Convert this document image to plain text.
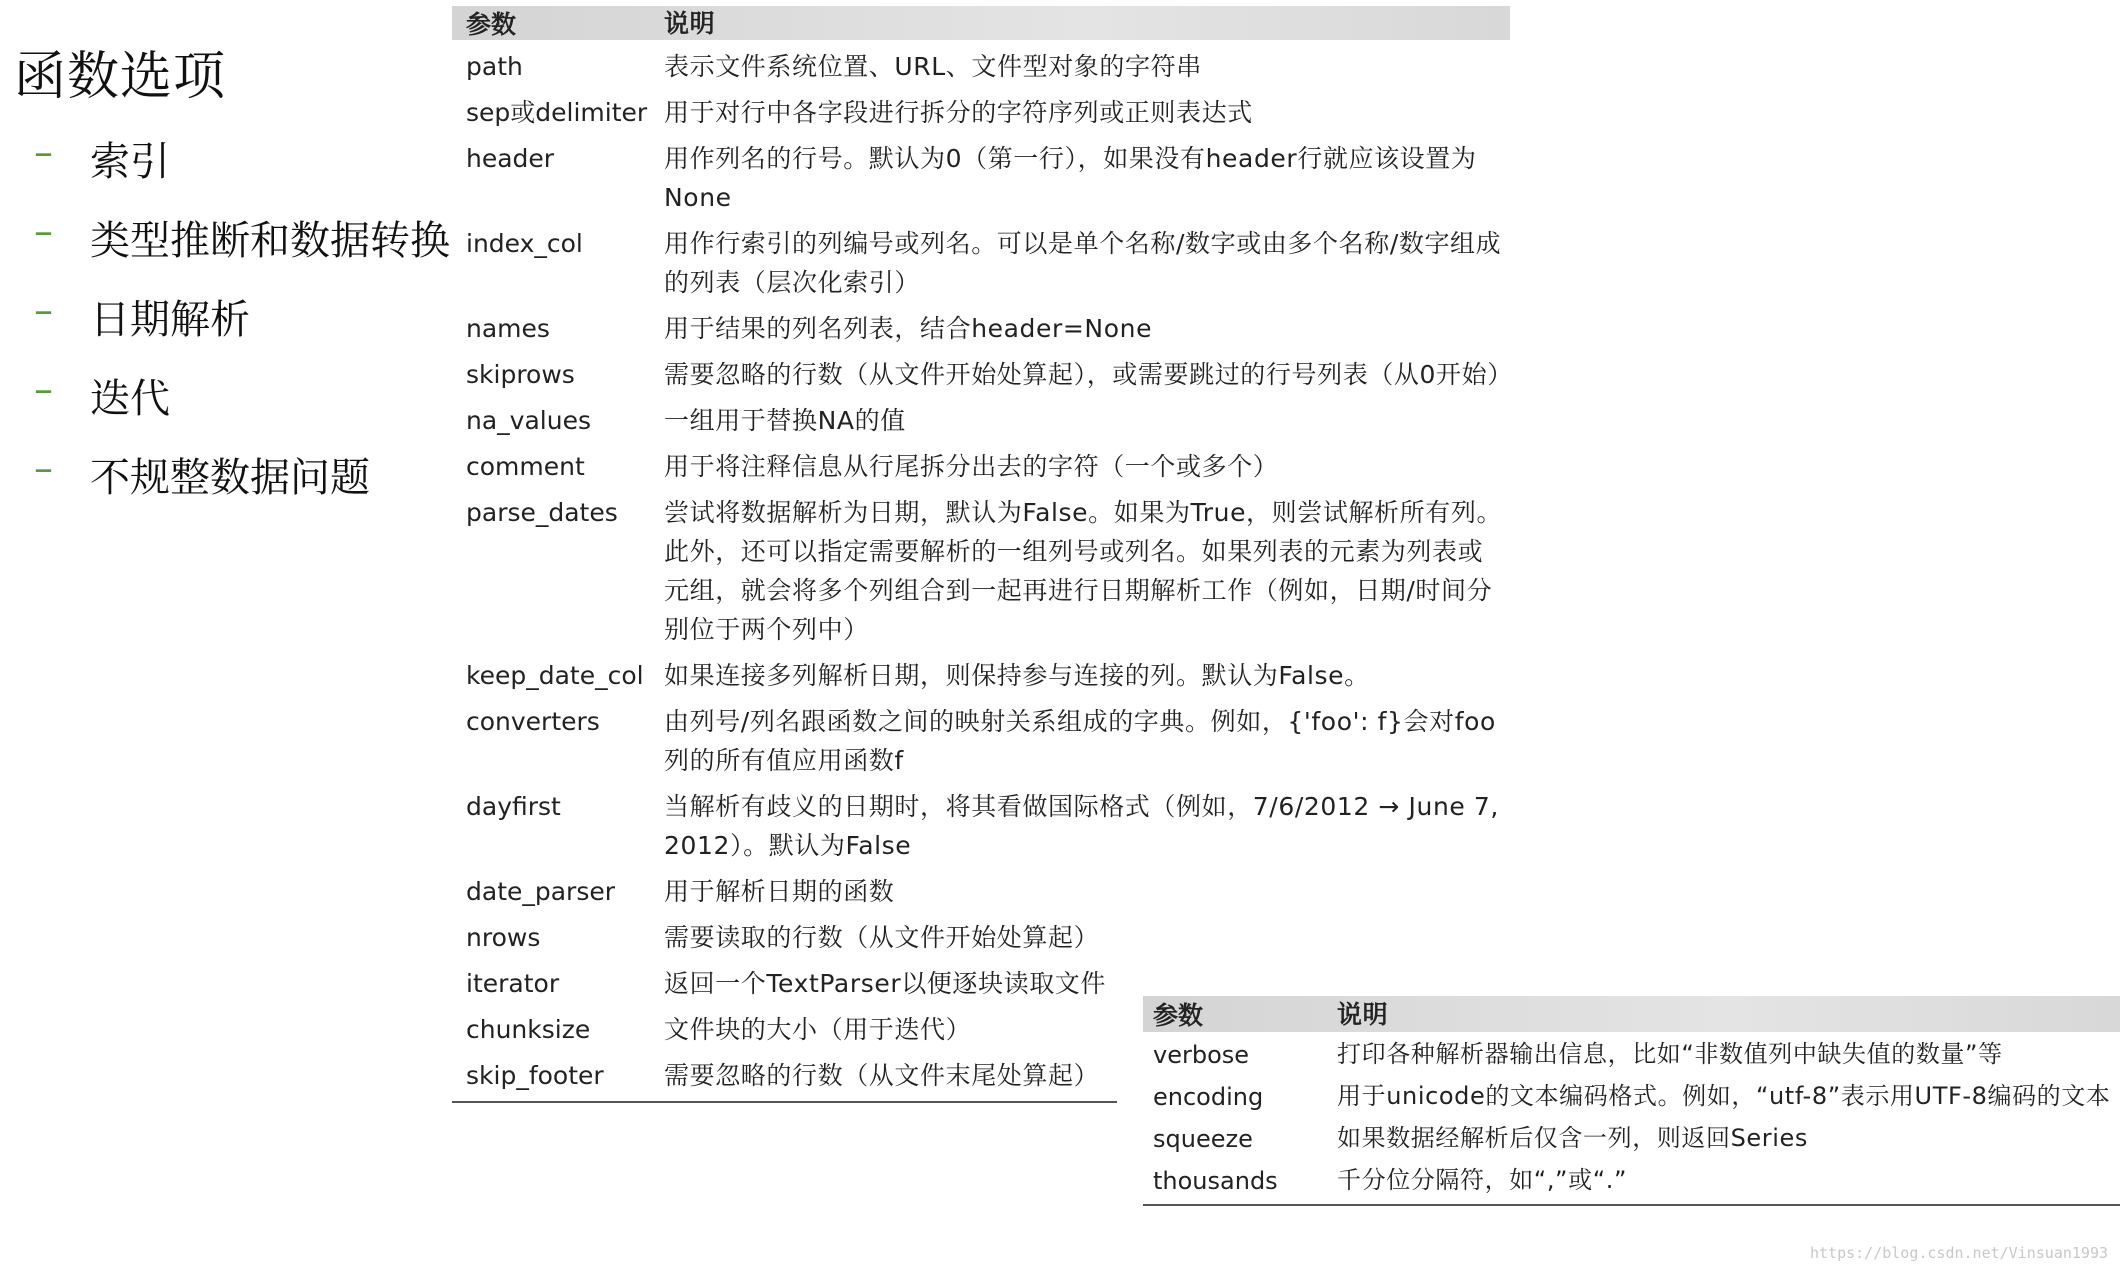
函数选项
– 索引
– 类型推断和数据转换
– 日期解析
– 迭代
– 不规整数据问题
参数	说明
path	表示文件系统位置、URL、文件型对象的字符串
sep或delimiter 用于对行中各字段进行拆分的字符序列或正则表达式
header	用作列名的行号。默认为0（第一行），如果没有header行就应该设置为None
index_col	用作行索引的列编号或列名。可以是单个名称/数字或由多个名称/数字组成的列表（层次化索引）
names	用于结果的列名列表，结合header=None
skiprows	需要忽略的行数（从文件开始处算起），或需要跳过的行号列表（从0开始）
na_values	一组用于替换NA的值
comment	用于将注释信息从行尾拆分出去的字符（一个或多个）
parse_dates	尝试将数据解析为日期，默认为False。如果为True，则尝试解析所有列。此外，还可以指定需要解析的一组列号或列名。如果列表的元素为列表或元组，就会将多个列组合到一起再进行日期解析工作（例如，日期/时间分别位于两个列中）
keep_date_col 如果连接多列解析日期，则保持参与连接的列。默认为False。
converters	由列号/列名跟函数之间的映射关系组成的字典。例如，{'foo': f}会对foo列的所有值应用函数f
dayfirst	当解析有歧义的日期时，将其看做国际格式（例如，7/6/2012 → June 7, 2012）。默认为False
date_parser	用于解析日期的函数
nrows	需要读取的行数（从文件开始处算起）
iterator	返回一个TextParser以便逐块读取文件
chunksize	文件块的大小（用于迭代）
skip_footer	需要忽略的行数（从文件末尾处算起）
参数	说明
verbose	打印各种解析器输出信息，比如“非数值列中缺失值的数量”等
encoding	用于unicode的文本编码格式。例如，“utf-8”表示用UTF-8编码的文本
squeeze	如果数据经解析后仅含一列，则返回Series
thousands	千分位分隔符，如“,”或“.”
https://blog.csdn.net/Vinsuan1993
